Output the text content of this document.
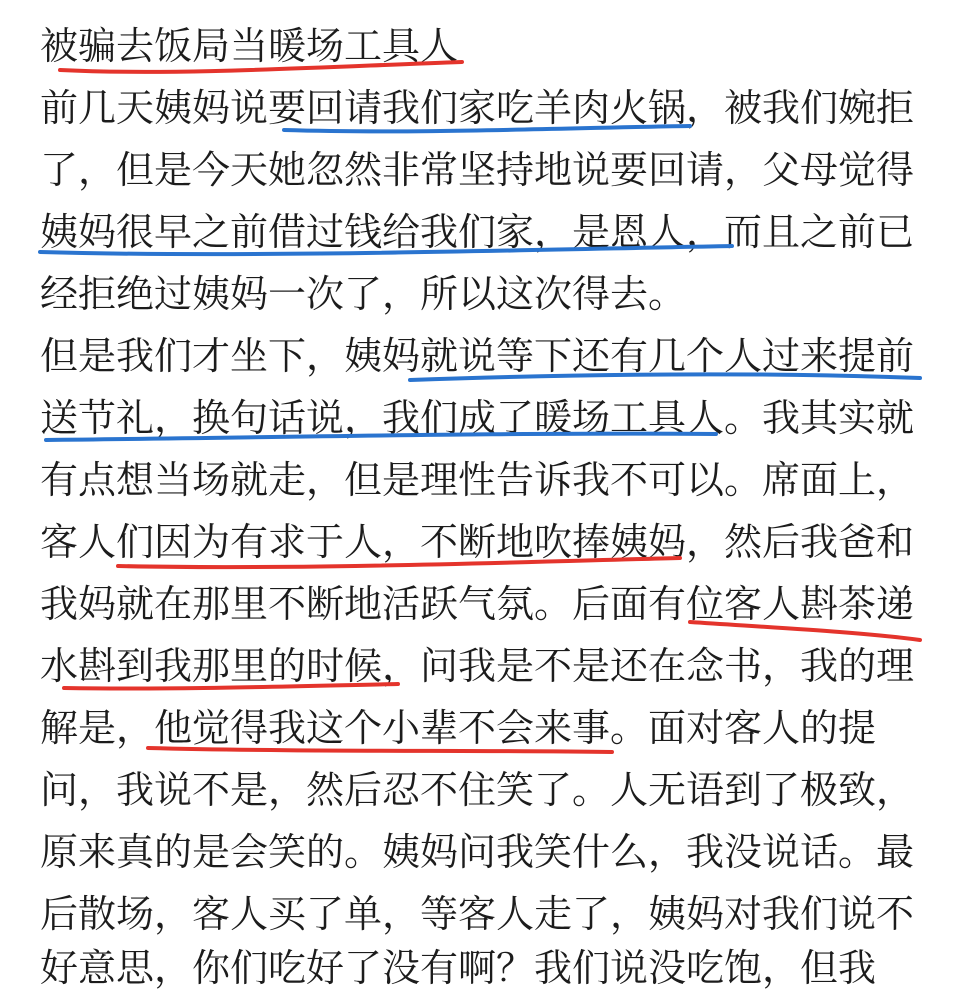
被骗去饭局当暖场工具人
前几天姨妈说要回请我们家吃羊肉火锅，被我们婉拒
了，但是今天她忽然非常坚持地说要回请，父母觉得
姨妈很早之前借过钱给我们家，是恩人，而且之前已
经拒绝过姨妈一次了，所以这次得去。
但是我们才坐下，姨妈就说等下还有几个人过来提前
送节礼，换句话说，我们成了暖场工具人。我其实就
有点想当场就走，但是理性告诉我不可以。席面上，
客人们因为有求于人，不断地吹捧姨妈，然后我爸和
我妈就在那里不断地活跃气氛。后面有位客人斟茶递
水斟到我那里的时候，问我是不是还在念书，我的理
解是，他觉得我这个小辈不会来事。面对客人的提
问，我说不是，然后忍不住笑了。人无语到了极致，
原来真的是会笑的。姨妈问我笑什么，我没说话。最
后散场，客人买了单，等客人走了，姨妈对我们说不
好意思，你们吃好了没有啊？我们说没吃饱，但我
